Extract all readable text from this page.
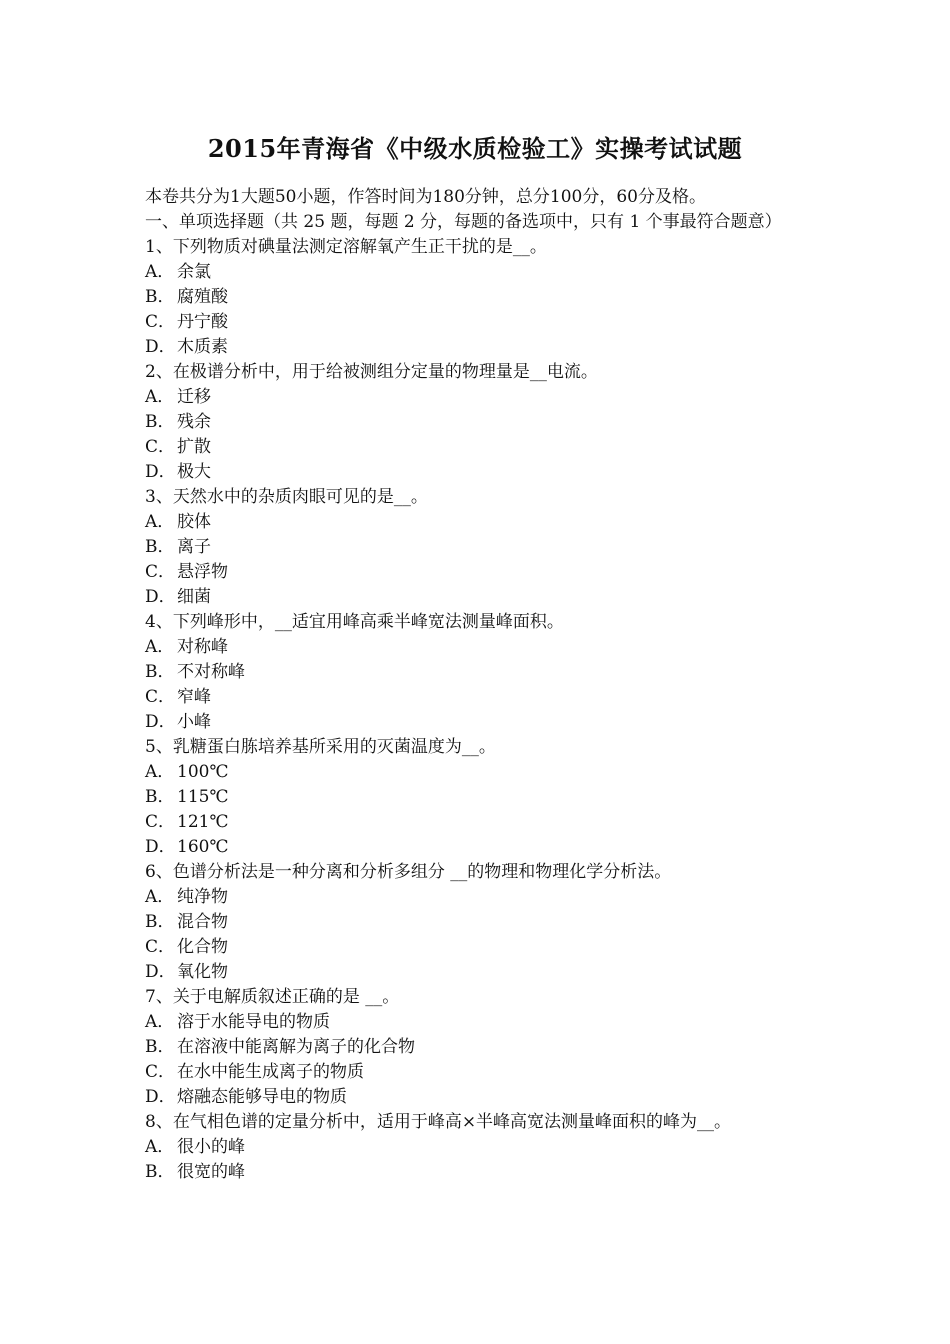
2015年青海省《中级水质检验工》实操考试试题
本卷共分为1大题50小题，作答时间为180分钟，总分100分，60分及格。
一、单项选择题（共 25 题，每题 2 分，每题的备选项中，只有 1 个事最符合题意）
1、下列物质对碘量法测定溶解氧产生正干扰的是__。
A． 余氯
B． 腐殖酸
C． 丹宁酸
D．木质素
2、在极谱分析中，用于给被测组分定量的物理量是__电流。
A． 迁移
B． 残余
C． 扩散
D．极大
3、天然水中的杂质肉眼可见的是__。
A． 胶体
B． 离子
C． 悬浮物
D．细菌
4、下列峰形中，__适宜用峰高乘半峰宽法测量峰面积。
A． 对称峰
B． 不对称峰
C． 窄峰
D．小峰
5、乳糖蛋白胨培养基所采用的灭菌温度为__。
A． 100℃
B． 115℃
C． 121℃
D．160℃
6、色谱分析法是一种分离和分析多组分 __的物理和物理化学分析法。
A． 纯净物
B． 混合物
C． 化合物
D．氧化物
7、关于电解质叙述正确的是 __。
A． 溶于水能导电的物质
B． 在溶液中能离解为离子的化合物
C． 在水中能生成离子的物质
D．熔融态能够导电的物质
8、在气相色谱的定量分析中，适用于峰高×半峰高宽法测量峰面积的峰为__。
A． 很小的峰
B． 很宽的峰
